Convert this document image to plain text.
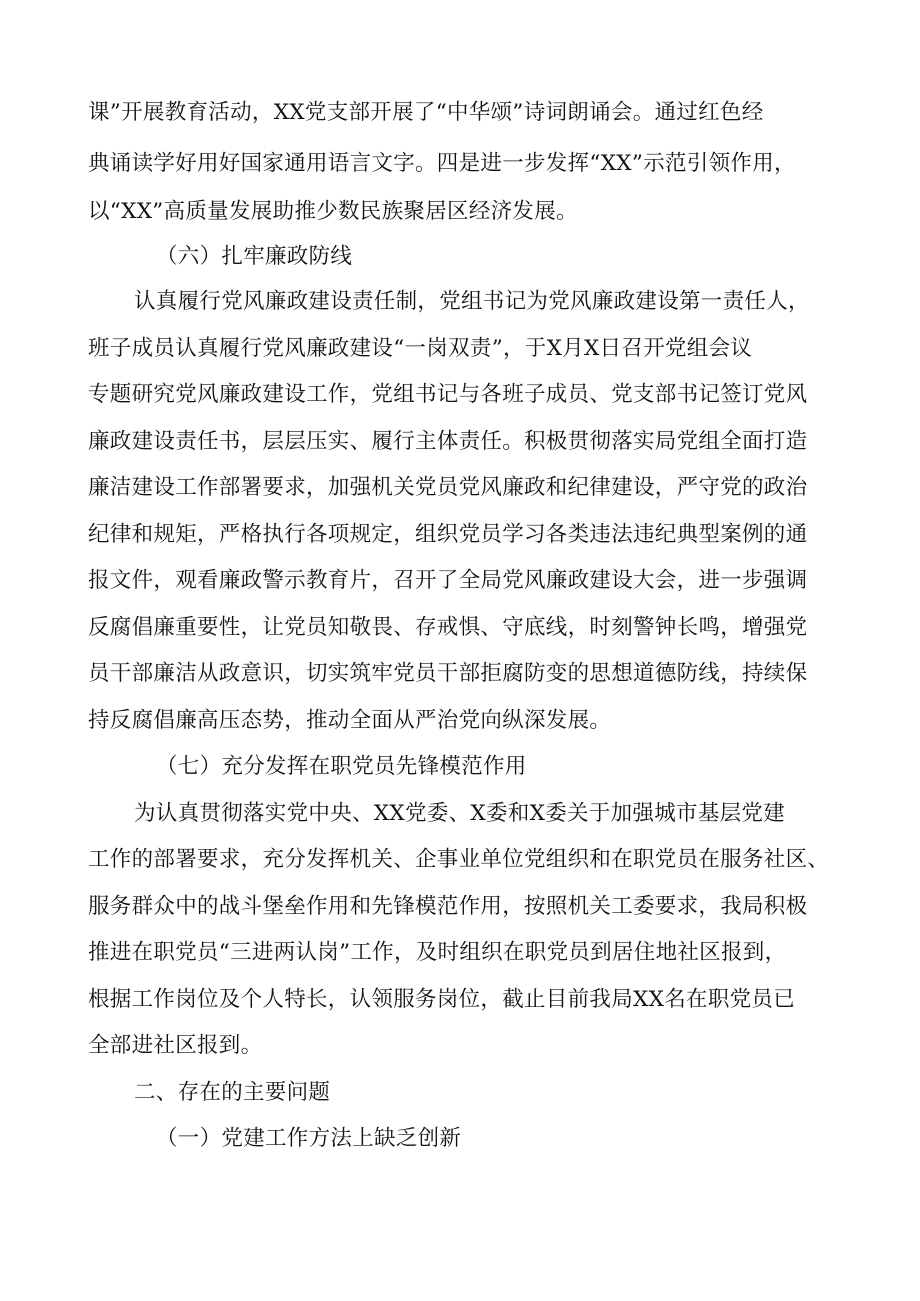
课”开展教育活动，XX党支部开展了“中华颂”诗词朗诵会。通过红色经
典诵读学好用好国家通用语言文字。四是进一步发挥“XX”示范引领作用，
以“XX”高质量发展助推少数民族聚居区经济发展。
（六）扎牢廉政防线
认真履行党风廉政建设责任制，党组书记为党风廉政建设第一责任人，
班子成员认真履行党风廉政建设“一岗双责”，于X月X日召开党组会议
专题研究党风廉政建设工作，党组书记与各班子成员、党支部书记签订党风
廉政建设责任书，层层压实、履行主体责任。积极贯彻落实局党组全面打造
廉洁建设工作部署要求，加强机关党员党风廉政和纪律建设，严守党的政治
纪律和规矩，严格执行各项规定，组织党员学习各类违法违纪典型案例的通
报文件，观看廉政警示教育片，召开了全局党风廉政建设大会，进一步强调
反腐倡廉重要性，让党员知敬畏、存戒惧、守底线，时刻警钟长鸣，增强党
员干部廉洁从政意识，切实筑牢党员干部拒腐防变的思想道德防线，持续保
持反腐倡廉高压态势，推动全面从严治党向纵深发展。
（七）充分发挥在职党员先锋模范作用
为认真贯彻落实党中央、XX党委、X委和X委关于加强城市基层党建
工作的部署要求，充分发挥机关、企事业单位党组织和在职党员在服务社区、
服务群众中的战斗堡垒作用和先锋模范作用，按照机关工委要求，我局积极
推进在职党员“三进两认岗”工作，及时组织在职党员到居住地社区报到，
根据工作岗位及个人特长，认领服务岗位，截止目前我局XX名在职党员已
全部进社区报到。
二、存在的主要问题
（一）党建工作方法上缺乏创新
